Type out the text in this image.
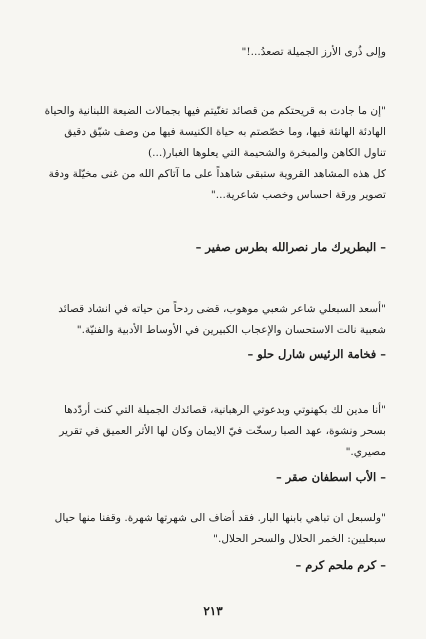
وإلى ذُرى الأرز الجميلة تصعدُ...!"
"إن ما جادت به قريحتكم من قصائد تغنّيتم فيها بجمالات الضيعة اللبنانية والحياة
الهادئة الهانئة فيها، وما خصّصتم به حياة الكنيسة فيها من وصف شيّق دقيق
تناول الكاهن والمبخرة والشحيمة التي يعلوها الغبار(...)
كل هذه المشاهد القروية ستبقى شاهداً على ما آتاكم الله من غنى مخيّلة ودقة
تصوير ورقة احساس وخصب شاعرية..."
– البطريرك مار نصرالله بطرس صفير –
"أسعد السبعلي شاعر شعبي موهوب، قضى ردحاً من حياته في انشاد قصائد
شعبية نالت الاستحسان والإعجاب الكبيرين في الأوساط الأدبية والفنيّة."
– فخامة الرئيس شارل حلو –
"أنا مدين لك بكهنوتي وبدعوتي الرهبانية، قصائدك الجميلة التي كنت أردّدها
بسحر ونشوة، عهد الصبا رسخّت فيّ الايمان وكان لها الأثر العميق في تقرير
مصيري."
– الأب اسطفان صقر –
"ولسبعل ان تباهي بابنها البار. فقد أضاف الى شهرتها شهرة. وقفنا منها حيال
سبعليين: الخمر الحلال والسحر الحلال."
– كرم ملحم كرم –
٢١٣
